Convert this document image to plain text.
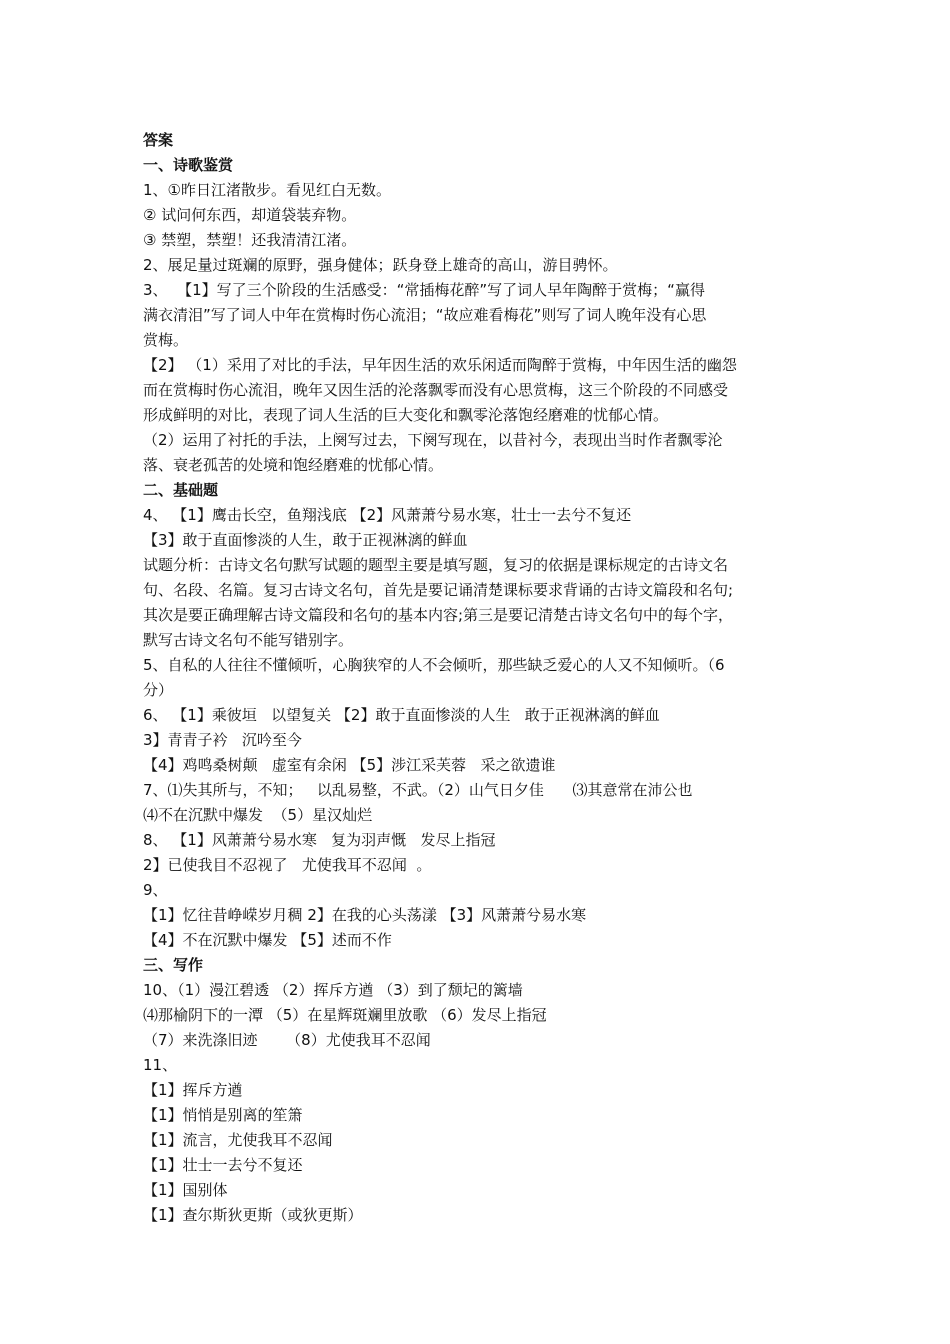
答案
一、诗歌鉴赏
1、①昨日江渚散步。看见红白无数。
② 试问何东西，却道袋装弃物。
③ 禁塑，禁塑！还我清清江渚。
2、展足量过斑斓的原野，强身健体；跃身登上雄奇的高山，游目骋怀。
3、  【1】写了三个阶段的生活感受：“常插梅花醉”写了词人早年陶醉于赏梅；“赢得
满衣清泪”写了词人中年在赏梅时伤心流泪；“故应难看梅花”则写了词人晚年没有心思
赏梅。
【2】 （1）采用了对比的手法，早年因生活的欢乐闲适而陶醉于赏梅，中年因生活的幽怨
而在赏梅时伤心流泪，晚年又因生活的沦落飘零而没有心思赏梅，这三个阶段的不同感受
形成鲜明的对比，表现了词人生活的巨大变化和飘零沦落饱经磨难的忧郁心情。
（2）运用了衬托的手法，上阕写过去，下阕写现在，以昔衬今，表现出当时作者飘零沦
落、衰老孤苦的处境和饱经磨难的忧郁心情。
二、基础题
4、 【1】鹰击长空，鱼翔浅底 【2】风萧萧兮易水寒，壮士一去兮不复还
【3】敢于直面惨淡的人生，敢于正视淋漓的鲜血
试题分析：古诗文名句默写试题的题型主要是填写题，复习的依据是课标规定的古诗文名
句、名段、名篇。复习古诗文名句，首先是要记诵清楚课标要求背诵的古诗文篇段和名句;
其次是要正确理解古诗文篇段和名句的基本内容;第三是要记清楚古诗文名句中的每个字，
默写古诗文名句不能写错别字。
5、自私的人往往不懂倾听，心胸狭窄的人不会倾听，那些缺乏爱心的人又不知倾听。（6
分）
6、 【1】乘彼垣   以望复关 【2】敢于直面惨淡的人生   敢于正视淋漓的鲜血
3】青青子衿   沉吟至今
【4】鸡鸣桑树颠   虚室有余闲 【5】涉江采芙蓉   采之欲遗谁
7、⑴失其所与，不知；   以乱易整，不武。（2）山气日夕佳      ⑶其意常在沛公也
⑷不在沉默中爆发  （5）星汉灿烂
8、 【1】风萧萧兮易水寒   复为羽声慨   发尽上指冠
2】已使我目不忍视了   尤使我耳不忍闻  。
9、
【1】忆往昔峥嵘岁月稠 2】在我的心头荡漾 【3】风萧萧兮易水寒
【4】不在沉默中爆发 【5】述而不作
三、写作
10、（1）漫江碧透 （2）挥斥方遒 （3）到了颓圮的篱墙
⑷那榆阴下的一潭 （5）在星辉斑斓里放歌 （6）发尽上指冠
（7）来洗涤旧迹      （8）尤使我耳不忍闻
11、
【1】挥斥方遒
【1】悄悄是别离的笙箫
【1】流言，尤使我耳不忍闻
【1】壮士一去兮不复还
【1】国别体
【1】查尔斯狄更斯（或狄更斯）
